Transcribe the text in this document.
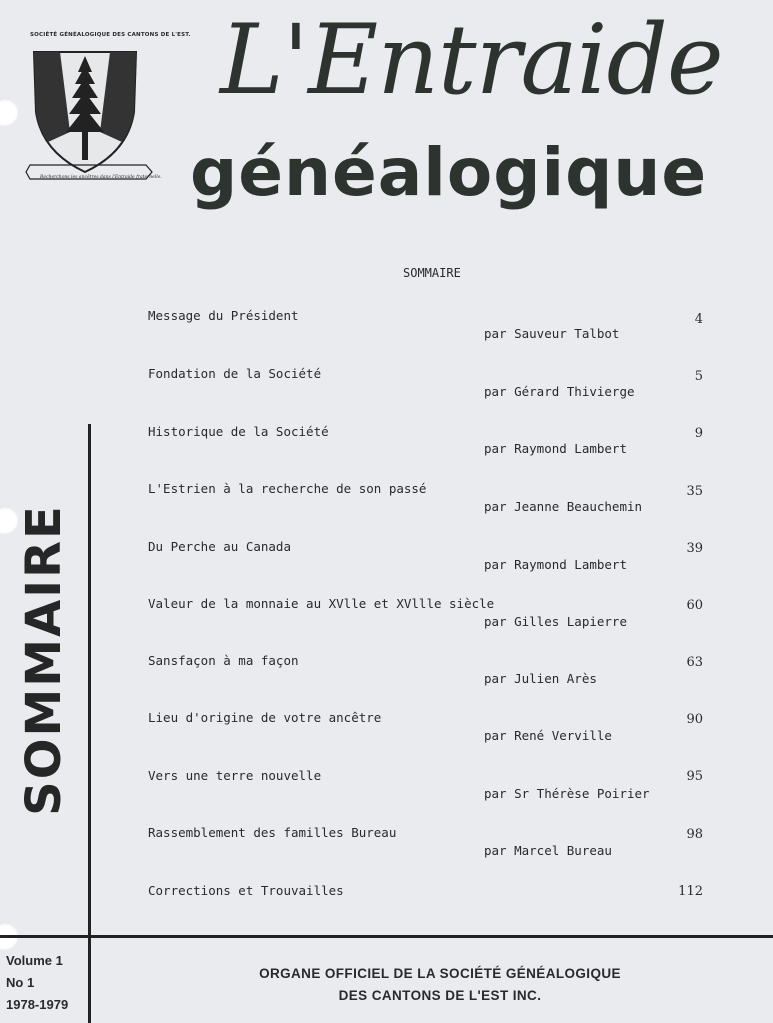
SOCIÉTÉ GÉNÉALOGIQUE DES CANTONS DE L'EST.
Recherchons les ancêtres dans l'Entraide fraternelle.
L'Entraide
généalogique
SOMMAIRE
Message du Président
par Sauveur Talbot
4
Fondation de la Société
par Gérard Thivierge
5
Historique de la Société
par Raymond Lambert
9
L'Estrien à la recherche de son passé
par Jeanne Beauchemin
35
Du Perche au Canada
par Raymond Lambert
39
Valeur de la monnaie au XVlle et XVllle siècle
par Gilles Lapierre
60
Sansfaçon à ma façon
par Julien Arès
63
Lieu d'origine de votre ancêtre
par René Verville
90
Vers une terre nouvelle
par Sr Thérèse Poirier
95
Rassemblement des familles Bureau
par Marcel Bureau
98
Corrections et Trouvailles	112
SOMMAIRE
Volume 1
No 1
1978-1979
ORGANE OFFICIEL DE LA SOCIÉTÉ GÉNÉALOGIQUE
DES CANTONS DE L'EST INC.
